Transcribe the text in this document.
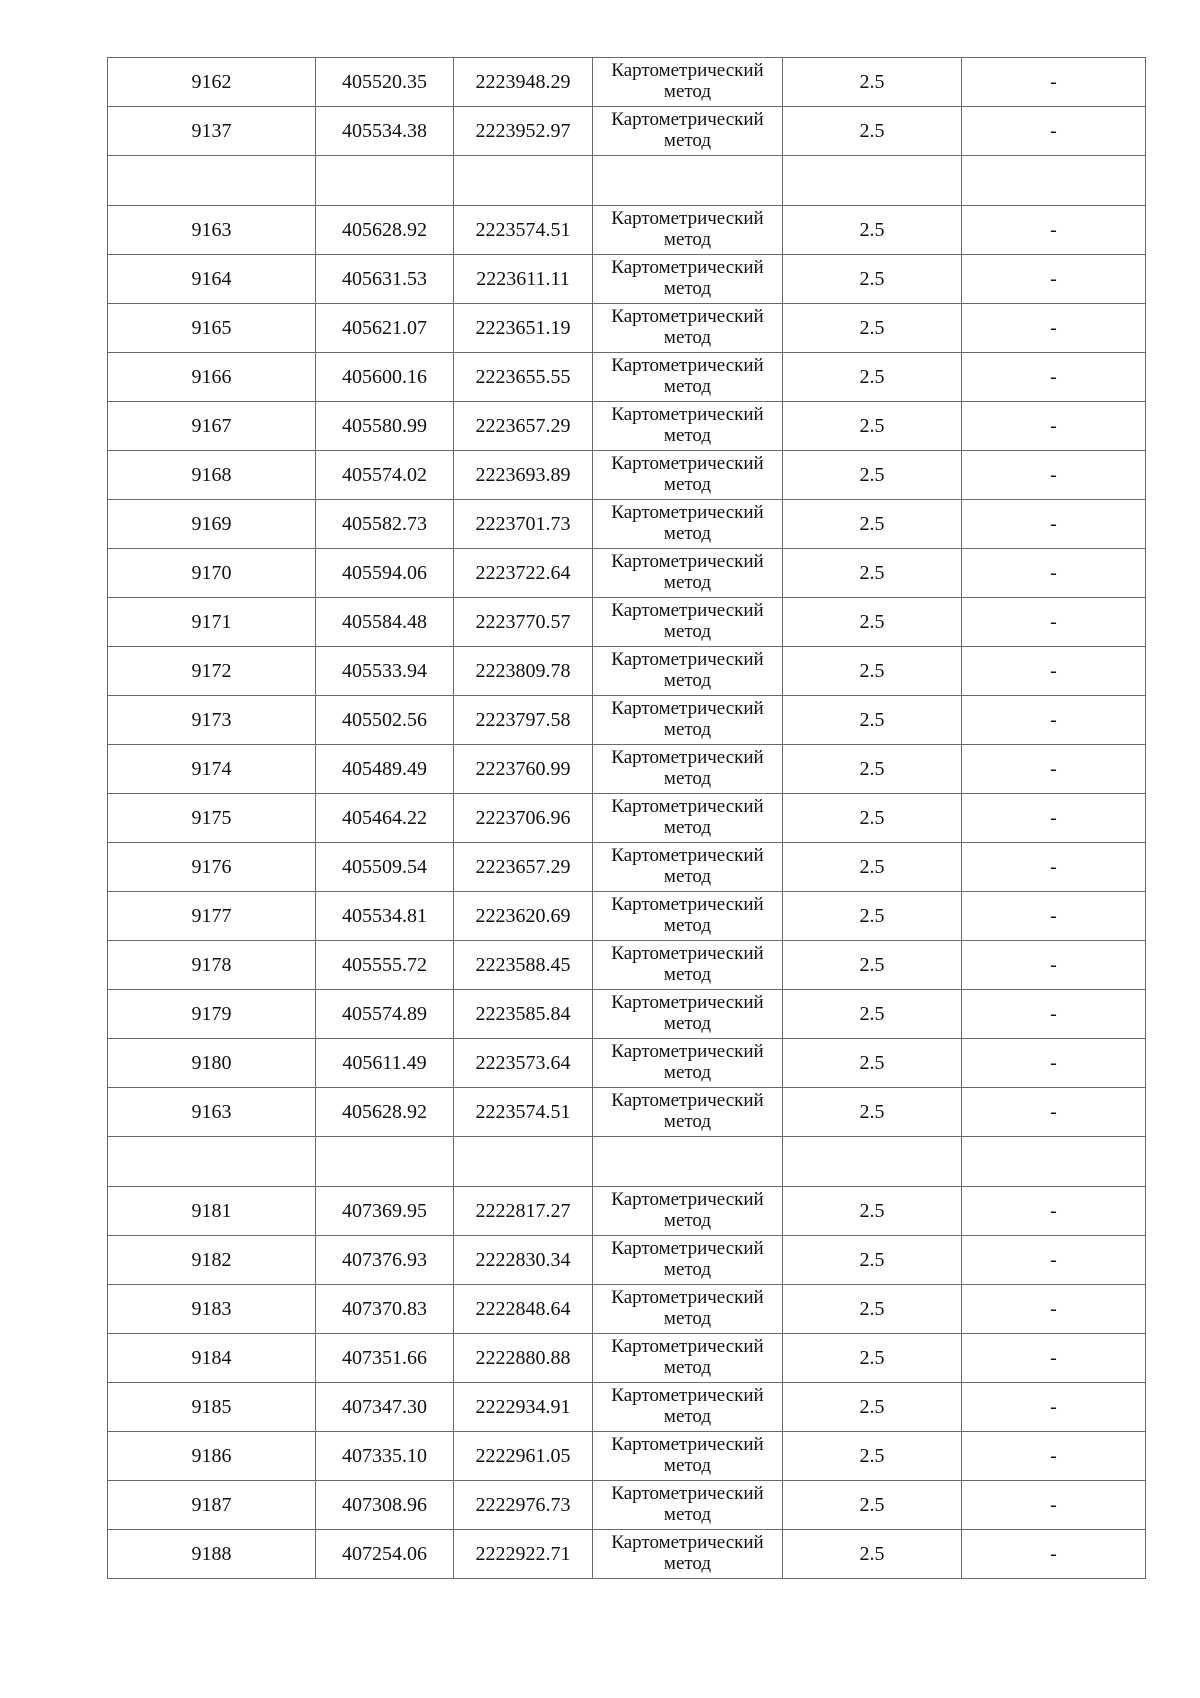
9162	405520.35	2223948.29	Картометрический метод	2.5	-
9137	405534.38	2223952.97	Картометрический метод	2.5	-

9163	405628.92	2223574.51	Картометрический метод	2.5	-
9164	405631.53	2223611.11	Картометрический метод	2.5	-
9165	405621.07	2223651.19	Картометрический метод	2.5	-
9166	405600.16	2223655.55	Картометрический метод	2.5	-
9167	405580.99	2223657.29	Картометрический метод	2.5	-
9168	405574.02	2223693.89	Картометрический метод	2.5	-
9169	405582.73	2223701.73	Картометрический метод	2.5	-
9170	405594.06	2223722.64	Картометрический метод	2.5	-
9171	405584.48	2223770.57	Картометрический метод	2.5	-
9172	405533.94	2223809.78	Картометрический метод	2.5	-
9173	405502.56	2223797.58	Картометрический метод	2.5	-
9174	405489.49	2223760.99	Картометрический метод	2.5	-
9175	405464.22	2223706.96	Картометрический метод	2.5	-
9176	405509.54	2223657.29	Картометрический метод	2.5	-
9177	405534.81	2223620.69	Картометрический метод	2.5	-
9178	405555.72	2223588.45	Картометрический метод	2.5	-
9179	405574.89	2223585.84	Картометрический метод	2.5	-
9180	405611.49	2223573.64	Картометрический метод	2.5	-
9163	405628.92	2223574.51	Картометрический метод	2.5	-

9181	407369.95	2222817.27	Картометрический метод	2.5	-
9182	407376.93	2222830.34	Картометрический метод	2.5	-
9183	407370.83	2222848.64	Картометрический метод	2.5	-
9184	407351.66	2222880.88	Картометрический метод	2.5	-
9185	407347.30	2222934.91	Картометрический метод	2.5	-
9186	407335.10	2222961.05	Картометрический метод	2.5	-
9187	407308.96	2222976.73	Картометрический метод	2.5	-
9188	407254.06	2222922.71	Картометрический метод	2.5	-
